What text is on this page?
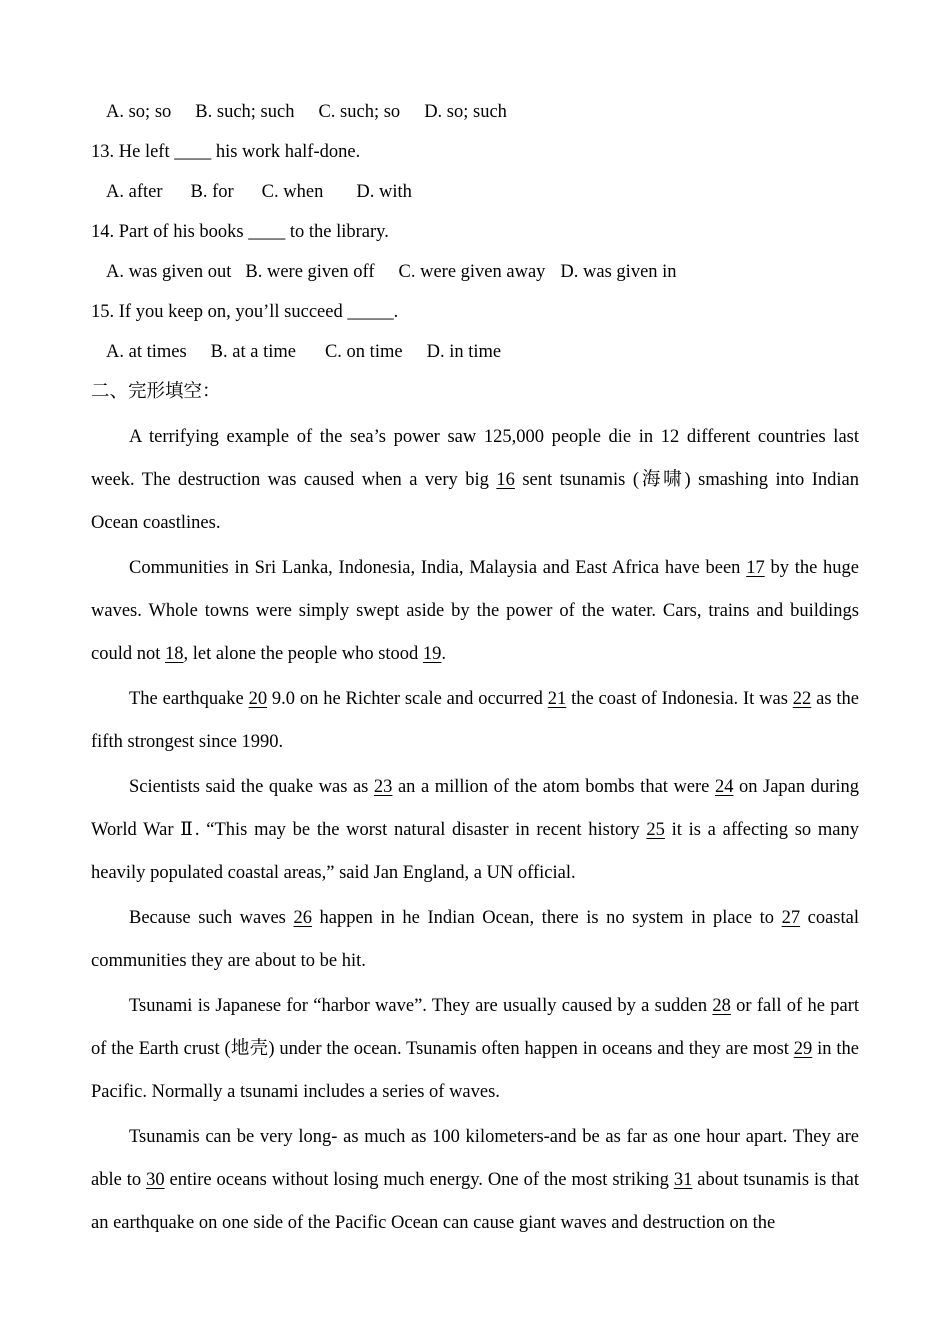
A. so; so B. such; such C. such; so D. so; such
13. He left ____ his work half-done.
A. after B. for C. when D. with
14. Part of his books ____ to the library.
A. was given out B. were given off C. were given away D. was given in
15. If you keep on, you’ll succeed _____.
A. at times B. at a time C. on time D. in time
二、完形填空：

A terrifying example of the sea’s power saw 125,000 people die in 12 different countries last week. The destruction was caused when a very big 16 sent tsunamis (海啸) smashing into Indian Ocean coastlines.

Communities in Sri Lanka, Indonesia, India, Malaysia and East Africa have been 17 by the huge waves. Whole towns were simply swept aside by the power of the water. Cars, trains and buildings could not 18, let alone the people who stood 19.

The earthquake 20 9.0 on he Richter scale and occurred 21 the coast of Indonesia. It was 22 as the fifth strongest since 1990.

Scientists said the quake was as 23 an a million of the atom bombs that were 24 on Japan during World War Ⅱ. “This may be the worst natural disaster in recent history 25 it is a affecting so many heavily populated coastal areas,” said Jan England, a UN official.

Because such waves 26 happen in he Indian Ocean, there is no system in place to 27 coastal communities they are about to be hit.

Tsunami is Japanese for “harbor wave”. They are usually caused by a sudden 28 or fall of he part of the Earth crust (地壳) under the ocean. Tsunamis often happen in oceans and they are most 29 in the Pacific. Normally a tsunami includes a series of waves.

Tsunamis can be very long- as much as 100 kilometers-and be as far as one hour apart. They are able to 30 entire oceans without losing much energy. One of the most striking 31 about tsunamis is that an earthquake on one side of the Pacific Ocean can cause giant waves and destruction on the
